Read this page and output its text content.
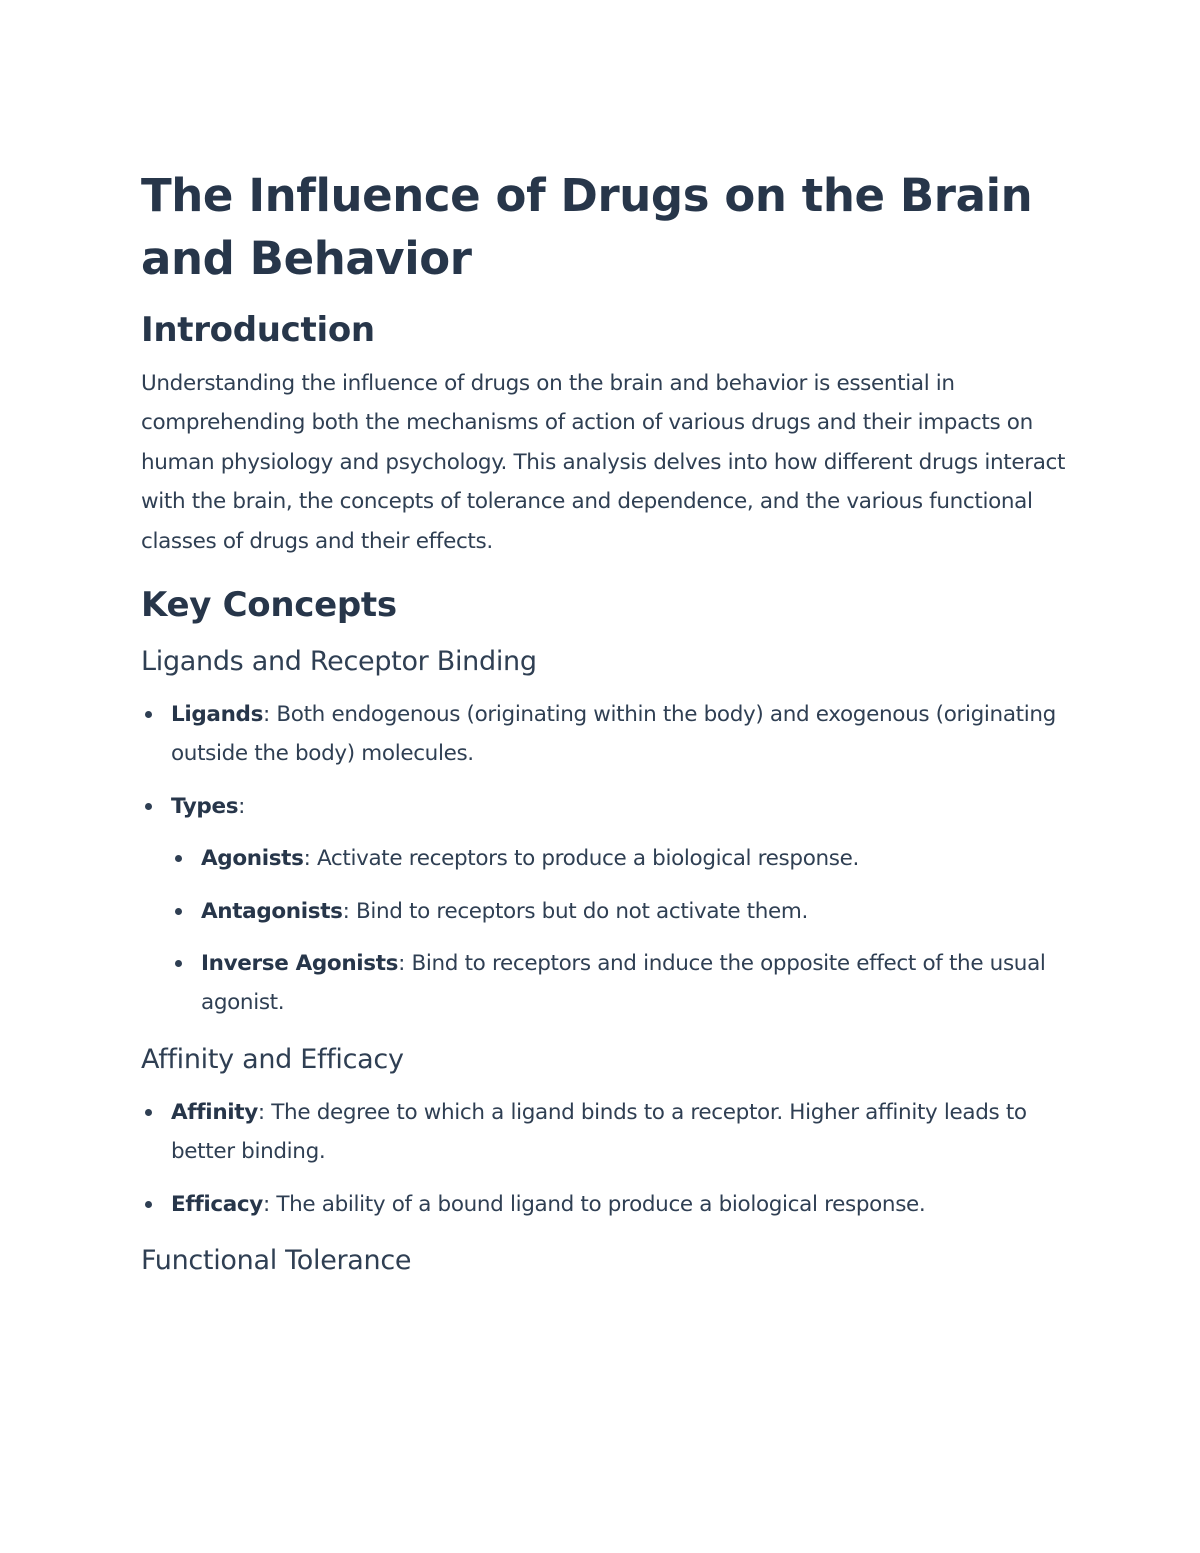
The Influence of Drugs on the Brain and Behavior
Introduction

Understanding the influence of drugs on the brain and behavior is essential in comprehending both the mechanisms of action of various drugs and their impacts on human physiology and psychology. This analysis delves into how different drugs interact with the brain, the concepts of tolerance and dependence, and the various functional classes of drugs and their effects.

Key Concepts
Ligands and Receptor Binding
Ligands: Both endogenous (originating within the body) and exogenous (originating outside the body) molecules.
Types:
Agonists: Activate receptors to produce a biological response.
Antagonists: Bind to receptors but do not activate them.
Inverse Agonists: Bind to receptors and induce the opposite effect of the usual agonist.
Affinity and Efficacy
Affinity: The degree to which a ligand binds to a receptor. Higher affinity leads to better binding.
Efficacy: The ability of a bound ligand to produce a biological response.
Functional Tolerance
